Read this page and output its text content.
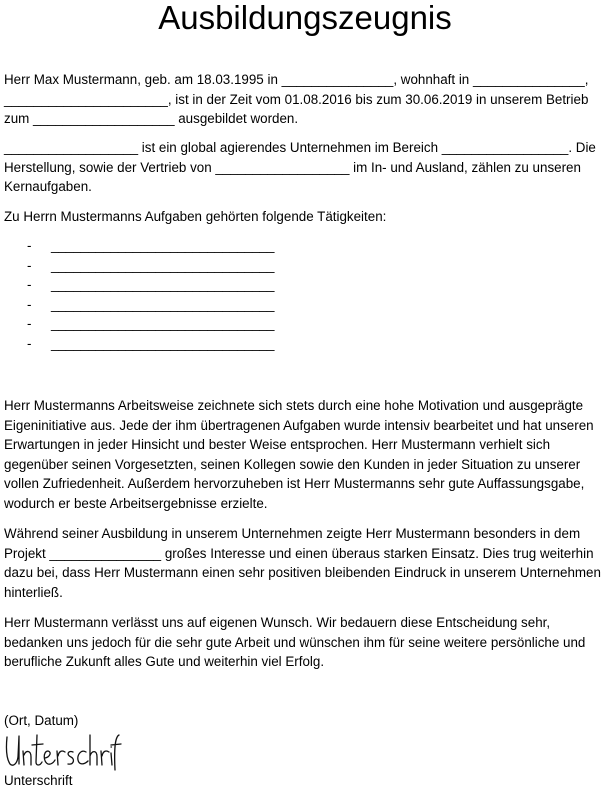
Ausbildungszeugnis

Herr Max Mustermann, geb. am 18.03.1995 in _______________, wohnhaft in _______________, ______________________, ist in der Zeit vom 01.08.2016 bis zum 30.06.2019 in unserem Betrieb zum ___________________ ausgebildet worden.

__________________ ist ein global agierendes Unternehmen im Bereich _________________. Die Herstellung, sowie der Vertrieb von __________________ im In- und Ausland, zählen zu unseren Kernaufgaben.

Zu Herrn Mustermanns Aufgaben gehörten folgende Tätigkeiten:

-	______________________________
-	______________________________
-	______________________________
-	______________________________
-	______________________________
-	______________________________

Herr Mustermanns Arbeitsweise zeichnete sich stets durch eine hohe Motivation und ausgeprägte Eigeninitiative aus. Jede der ihm übertragenen Aufgaben wurde intensiv bearbeitet und hat unseren Erwartungen in jeder Hinsicht und bester Weise entsprochen. Herr Mustermann verhielt sich gegenüber seinen Vorgesetzten, seinen Kollegen sowie den Kunden in jeder Situation zu unserer vollen Zufriedenheit. Außerdem hervorzuheben ist Herr Mustermanns sehr gute Auffassungsgabe, wodurch er beste Arbeitsergebnisse erzielte.

Während seiner Ausbildung in unserem Unternehmen zeigte Herr Mustermann besonders in dem Projekt _______________ großes Interesse und einen überaus starken Einsatz. Dies trug weiterhin dazu bei, dass Herr Mustermann einen sehr positiven bleibenden Eindruck in unserem Unternehmen hinterließ.

Herr Mustermann verlässt uns auf eigenen Wunsch. Wir bedauern diese Entscheidung sehr, bedanken uns jedoch für die sehr gute Arbeit und wünschen ihm für seine weitere persönliche und berufliche Zukunft alles Gute und weiterhin viel Erfolg.

(Ort, Datum)
Unterschrift
